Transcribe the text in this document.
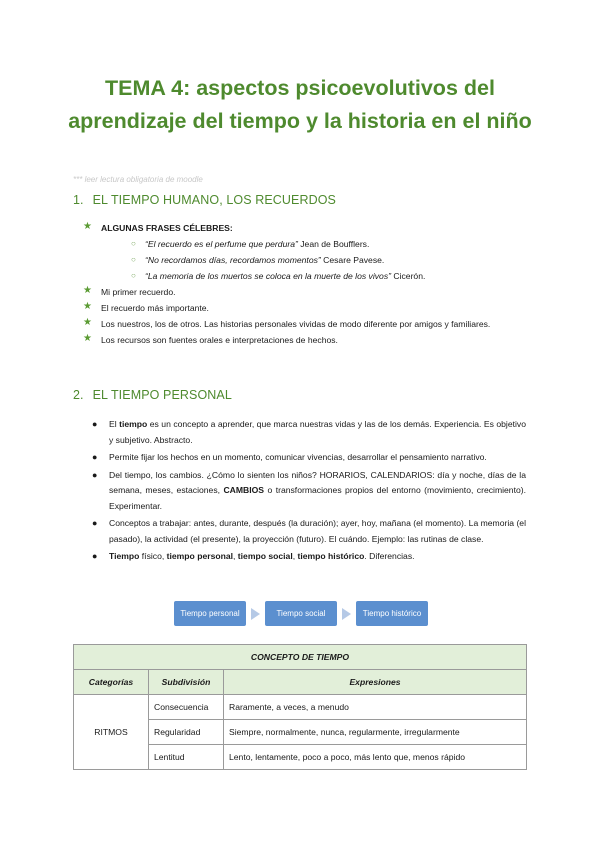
TEMA 4: aspectos psicoevolutivos del aprendizaje del tiempo y la historia en el niño
*** leer lectura obligatoria de moodle
1. EL TIEMPO HUMANO, LOS RECUERDOS
★ ALGUNAS FRASES CÉLEBRES:
○ “El recuerdo es el perfume que perdura” Jean de Boufflers.
○ “No recordamos días, recordamos momentos” Cesare Pavese.
○ “La memoria de los muertos se coloca en la muerte de los vivos” Cicerón.
★ Mi primer recuerdo.
★ El recuerdo más importante.
★ Los nuestros, los de otros. Las historias personales vividas de modo diferente por amigos y familiares.
★ Los recursos son fuentes orales e interpretaciones de hechos.
2. EL TIEMPO PERSONAL
● El tiempo es un concepto a aprender, que marca nuestras vidas y las de los demás. Experiencia. Es objetivo y subjetivo. Abstracto.
● Permite fijar los hechos en un momento, comunicar vivencias, desarrollar el pensamiento narrativo.
● Del tiempo, los cambios. ¿Cómo lo sienten los niños? HORARIOS, CALENDARIOS: día y noche, días de la semana, meses, estaciones, CAMBIOS o transformaciones propios del entorno (movimiento, crecimiento). Experimentar.
● Conceptos a trabajar: antes, durante, después (la duración); ayer, hoy, mañana (el momento). La memoria (el pasado), la actividad (el presente), la proyección (futuro). El cuándo. Ejemplo: las rutinas de clase.
● Tiempo físico, tiempo personal, tiempo social, tiempo histórico. Diferencias.
Tiempo personal	Tiempo social	Tiempo histórico
CONCEPTO DE TIEMPO		
Categorías	Subdivisión	Expresiones
RITMOS	Consecuencia	Raramente, a veces, a menudo
	Regularidad	Siempre, normalmente, nunca, regularmente, irregularmente
	Lentitud	Lento, lentamente, poco a poco, más lento que, menos rápido
